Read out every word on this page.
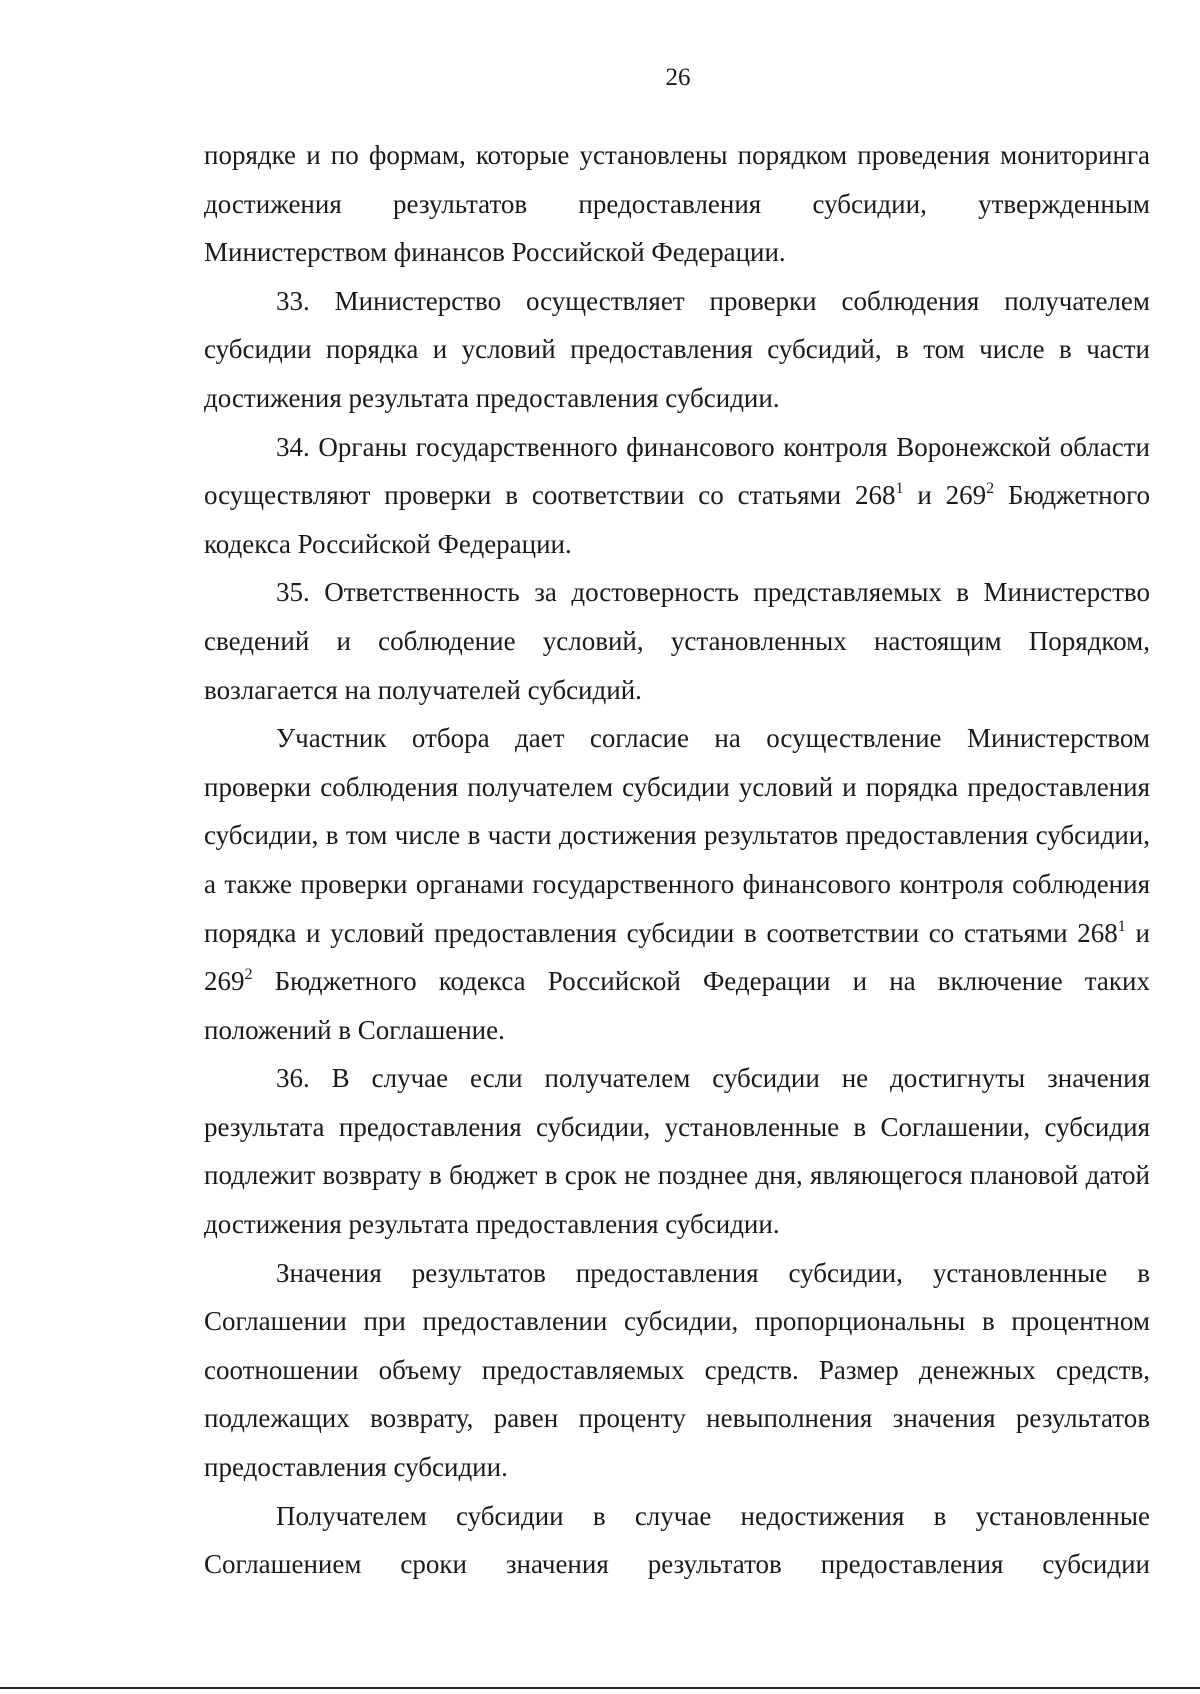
26

порядке и по формам, которые установлены порядком проведения мониторинга достижения результатов предоставления субсидии, утвержденным Министерством финансов Российской Федерации.

33. Министерство осуществляет проверки соблюдения получателем субсидии порядка и условий предоставления субсидий, в том числе в части достижения результата предоставления субсидии.

34. Органы государственного финансового контроля Воронежской области осуществляют проверки в соответствии со статьями $268^1$ и $269^2$ Бюджетного кодекса Российской Федерации.

35. Ответственность за достоверность представляемых в Министерство сведений и соблюдение условий, установленных настоящим Порядком, возлагается на получателей субсидий.

Участник отбора дает согласие на осуществление Министерством проверки соблюдения получателем субсидии условий и порядка предоставления субсидии, в том числе в части достижения результатов предоставления субсидии, а также проверки органами государственного финансового контроля соблюдения порядка и условий предоставления субсидии в соответствии со статьями $268^1$ и $269^2$ Бюджетного кодекса Российской Федерации и на включение таких положений в Соглашение.

36. В случае если получателем субсидии не достигнуты значения результата предоставления субсидии, установленные в Соглашении, субсидия подлежит возврату в бюджет в срок не позднее дня, являющегося плановой датой достижения результата предоставления субсидии.

Значения результатов предоставления субсидии, установленные в Соглашении при предоставлении субсидии, пропорциональны в процентном соотношении объему предоставляемых средств. Размер денежных средств, подлежащих возврату, равен проценту невыполнения значения результатов предоставления субсидии.

Получателем субсидии в случае недостижения в установленные Соглашением сроки значения результатов предоставления субсидии
